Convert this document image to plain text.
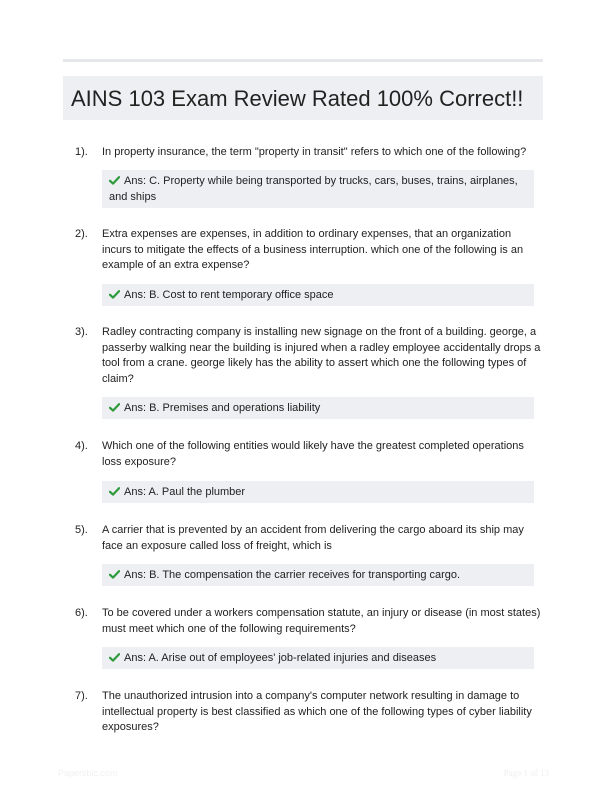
AINS 103 Exam Review Rated 100% Correct!!
1). In property insurance, the term "property in transit" refers to which one of the following?
Ans: C. Property while being transported by trucks, cars, buses, trains, airplanes, and ships
2). Extra expenses are expenses, in addition to ordinary expenses, that an organization incurs to mitigate the effects of a business interruption. which one of the following is an example of an extra expense?
Ans: B. Cost to rent temporary office space
3). Radley contracting company is installing new signage on the front of a building. george, a passerby walking near the building is injured when a radley employee accidentally drops a tool from a crane. george likely has the ability to assert which one the following types of claim?
Ans: B. Premises and operations liability
4). Which one of the following entities would likely have the greatest completed operations loss exposure?
Ans: A. Paul the plumber
5). A carrier that is prevented by an accident from delivering the cargo aboard its ship may face an exposure called loss of freight, which is
Ans: B. The compensation the carrier receives for transporting cargo.
6). To be covered under a workers compensation statute, an injury or disease (in most states) must meet which one of the following requirements?
Ans: A. Arise out of employees' job-related injuries and diseases
7). The unauthorized intrusion into a company's computer network resulting in damage to intellectual property is best classified as which one of the following types of cyber liability exposures?
Papersbic.com	Page 1 of 13
